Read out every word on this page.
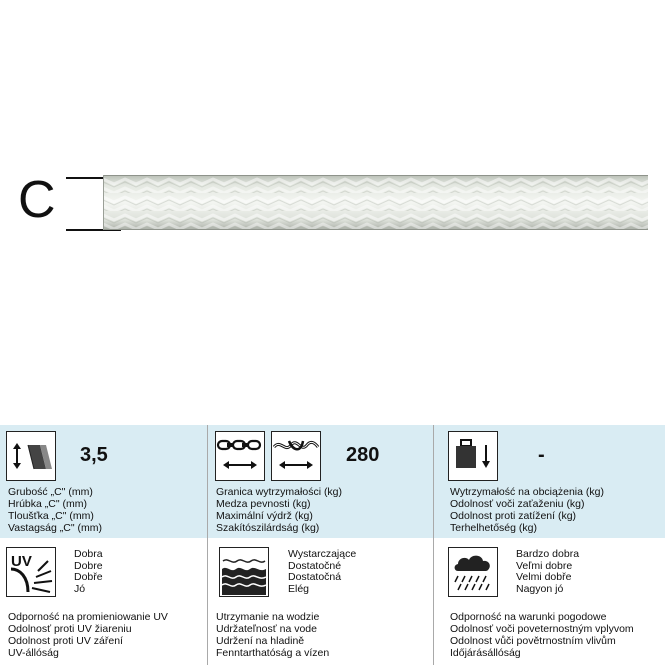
C
3,5
Grubość „C" (mm)
Hrúbka „C" (mm)
Tloušťka „C" (mm)
Vastagság „C" (mm)
280
Granica wytrzymałości (kg)
Medza pevnosti (kg)
Maximální výdrž (kg)
Szakítószilárdság (kg)
-
Wytrzymałość na obciążenia (kg)
Odolnosť voči zaťaženiu (kg)
Odolnost proti zatížení (kg)
Terhelhetőség (kg)
UV	Dobra
Dobre
Dobře
Jó
Odporność na promieniowanie UV
Odolnosť proti UV žiareniu
Odolnost proti UV záření
UV-állóság
Wystarczające
Dostatočné
Dostatočná
Elég
Utrzymanie na wodzie
Udržateľnosť na vode
Udržení na hladině
Fenntarthatóság a vízen
Bardzo dobra
Veľmi dobre
Velmi dobře
Nagyon jó
Odporność na warunki pogodowe
Odolnosť voči poveternostným vplyvom
Odolnost vůči povětrnostním vlivům
Időjárásállóság
